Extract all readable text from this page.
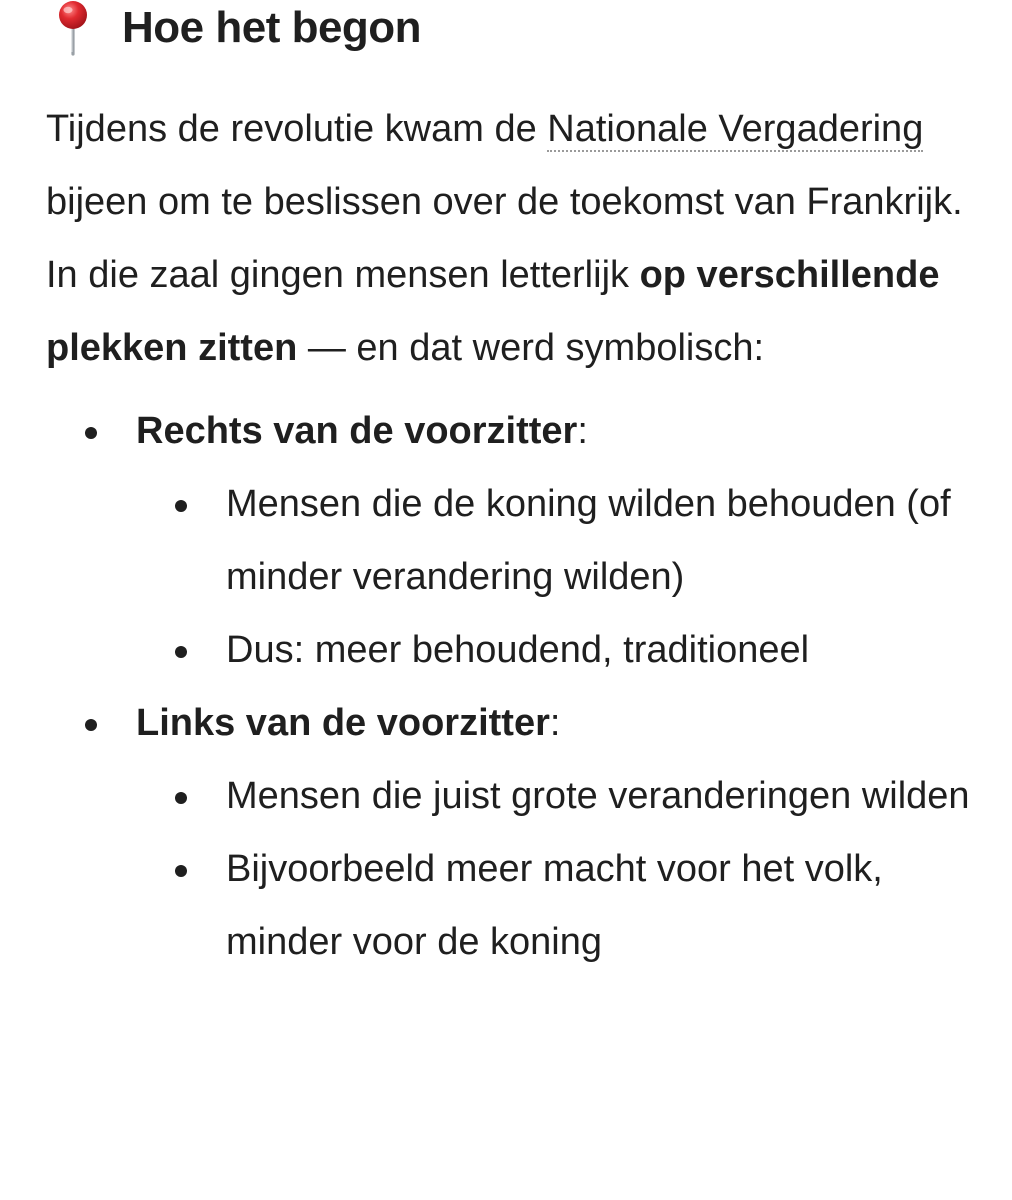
Hoe het begon

Tijdens de revolutie kwam de Nationale Vergadering bijeen om te beslissen over de toekomst van Frankrijk. In die zaal gingen mensen letterlijk op verschillende plekken zitten — en dat werd symbolisch:

Rechts van de voorzitter:
Mensen die de koning wilden behouden (of minder verandering wilden)
Dus: meer behoudend, traditioneel
Links van de voorzitter:
Mensen die juist grote veranderingen wilden
Bijvoorbeeld meer macht voor het volk, minder voor de koning
